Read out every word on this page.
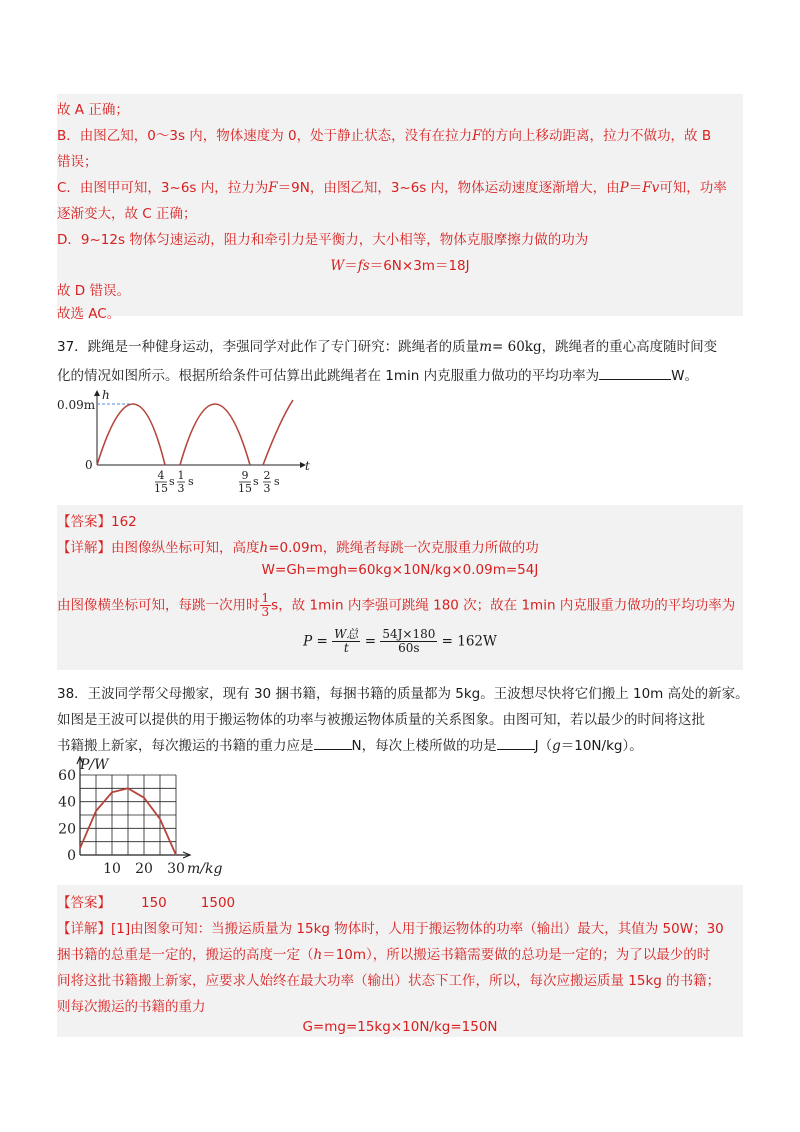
故 A 正确；
B．由图乙知，0～3s 内，物体速度为 0，处于静止状态，没有在拉力F的方向上移动距离，拉力不做功，故 B
错误；
C．由图甲可知，3~6s 内，拉力为F＝9N，由图乙知，3~6s 内，物体运动速度逐渐增大，由P＝Fv可知，功率
逐渐变大，故 C 正确；
D．9~12s 物体匀速运动，阻力和牵引力是平衡力，大小相等，物体克服摩擦力做的功为
W＝fs＝6N×3m＝18J
故 D 错误。
故选 AC。
37．跳绳是一种健身运动，李强同学对此作了专门研究：跳绳者的质量m= 60kg，跳绳者的重心高度随时间变
化的情况如图所示。根据所给条件可估算出此跳绳者在 1min 内克服重力做功的平均功率为	W。
h
t
0.09m
0
4
15
s 1
3
s	9
15
s 2
3
s
【答案】162
【详解】由图像纵坐标可知，高度h=0.09m，跳绳者每跳一次克服重力所做的功
W=Gh=mgh=60kg×10N/kg×0.09m=54J
由图像横坐标可知，每跳一次用时 $\frac{1}{3}$ s，故 1min 内李强可跳绳 180 次；故在 1min 内克服重力做功的平均功率为
$P = \frac{\text{W总}}{t} = \frac{54J\times 180}{60s} = 162W$
38．王波同学帮父母搬家，现有 30 捆书籍，每捆书籍的质量都为 5kg。王波想尽快将它们搬上 10m 高处的新家。
如图是王波可以提供的用于搬运物体的功率与被搬运物体质量的关系图象。由图可知，若以最少的时间将这批
书籍搬上新家，每次搬运的书籍的重力应是	N，每次上楼所做的功是	J（g＝10N/kg）。
0
20
40
60
10 20 30
P/W
m/kg
【答案】 150	1500
【详解】[1]由图象可知：当搬运质量为 15kg 物体时，人用于搬运物体的功率（输出）最大，其值为 50W；30
捆书籍的总重是一定的，搬运的高度一定（h＝10m），所以搬运书籍需要做的总功是一定的；为了以最少的时
间将这批书籍搬上新家，应要求人始终在最大功率（输出）状态下工作，所以，每次应搬运质量 15kg 的书籍；
则每次搬运的书籍的重力
G=mg=15kg×10N/kg=150N
